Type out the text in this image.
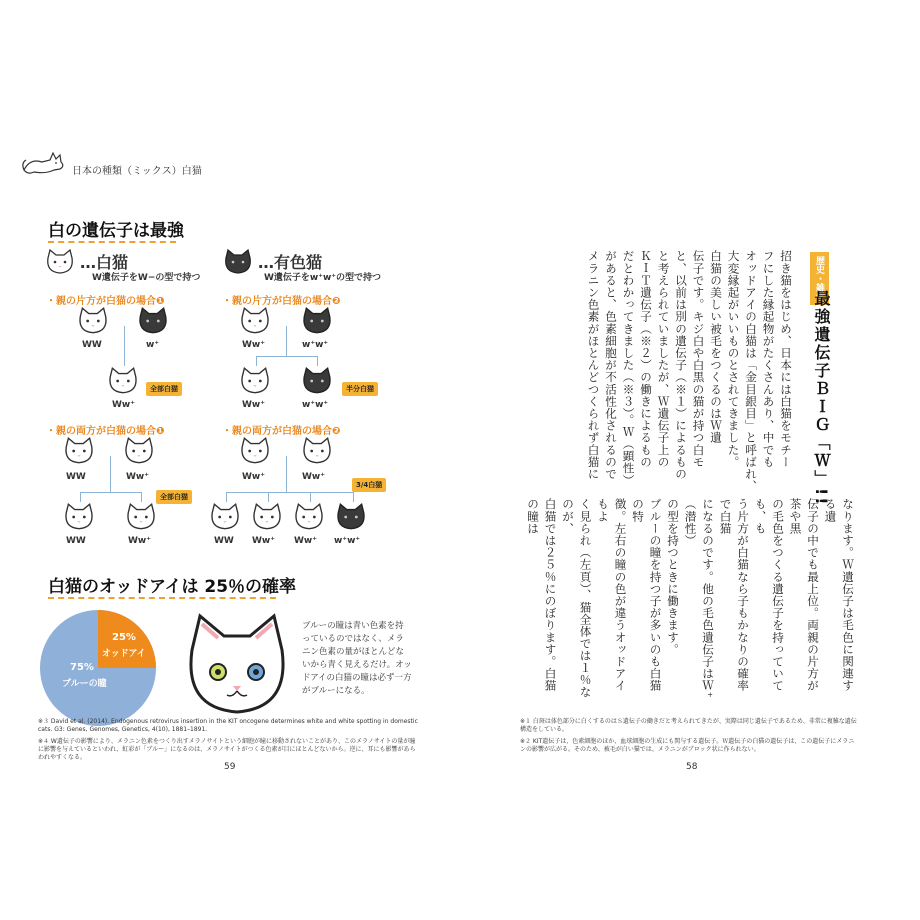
日本の種類（ミックス）白猫
白の遺伝子は最強
…白猫
W遺伝子をW−の型で持つ
…有色猫
W遺伝子をw⁺w⁺の型で持つ
・親の片方が白猫の場合❶	・親の片方が白猫の場合❷
・親の両方が白猫の場合❶	・親の両方が白猫の場合❷
WW	w⁺
Ww⁺
全部白猫
Ww⁺	w⁺w⁺
Ww⁺	w⁺w⁺
半分白猫
WW	Ww⁺
WW	Ww⁺
全部白猫
Ww⁺	Ww⁺
3/4白猫
WW Ww⁺ Ww⁺ w⁺w⁺
白猫のオッドアイは 25％の確率
25%
オッドアイ
75%
ブルーの瞳
ブルーの瞳は青い色素を持っているのではなく、メラニン色素の量がほとんどないから青く見えるだけ。オッドアイの白猫の瞳は必ず一方がブルーになる。
※３ David et al. (2014). Endogenous retrovirus insertion in the KIT oncogene determines white and white spotting in domestic cats. G3: Genes, Genomes, Genetics, 4(10), 1881–1891.
※４ W遺伝子の影響により、メラニン色素をつくり出すメラノサイトという細胞が瞳に移動されないことがあり、このメラノサイトの量が瞳に影響を与えているといわれ、虹彩が「ブルー」になるのは、メラノサイトがつくる色素が目にほとんどないから。逆に、耳にも影響があらわれやすくなる。
59
歴史・雑学
最強遺伝子ＢＩＧ「Ｗ」!!
招き猫をはじめ、日本には白猫をモチー
フにした縁起物がたくさんあり、中でも
オッドアイの白猫は「金目銀目」と呼ばれ、
大変縁起がいいものとされてきました。
白猫の美しい被毛をつくるのはＷ遺
伝子です。キジ白や白黒の猫が持つ白モ
と、以前は別の遺伝子（※１）によるもの
と考えられていましたが、Ｗ遺伝子上の
ＫＩＴ遺伝子（※２）の働きによるもの
だとわかってきました（※３）。Ｗ（顕性）
があると、色素細胞が不活性化されるので
メラニン色素がほとんどつくられず白猫に
なります。Ｗ遺伝子は毛色に関連する遺
伝子の中でも最上位。両親の片方が茶や黒
の毛色をつくる遺伝子を持っていても、も
う片方が白猫なら子もかなりの確率で白猫
になるのです。他の毛色遺伝子はＷ⁺（潜性）
の型を持つときに働きます。
ブルーの瞳を持つ子が多いのも白猫の特
徴。左右の瞳の色が違うオッドアイもよ
く見られ（左頁）、猫全体では１％なのが、
白猫では２５％にのぼります。白猫の瞳は

※１ 白斑は体色部分に白くするのはＳ遺伝子の働きだと考えられてきたが、実際は同じ遺伝子であるため、非常に複雑な遺伝構造をしている。
※２ KIT遺伝子は、色素細胞のほか、血球細胞の生成にも関与する遺伝子。Ｗ遺伝子の白猫の遺伝子は、この遺伝子にメラニンの影響が広がる。そのため、被毛が白い猫では、メラニンがブロック状に作られない。
58
